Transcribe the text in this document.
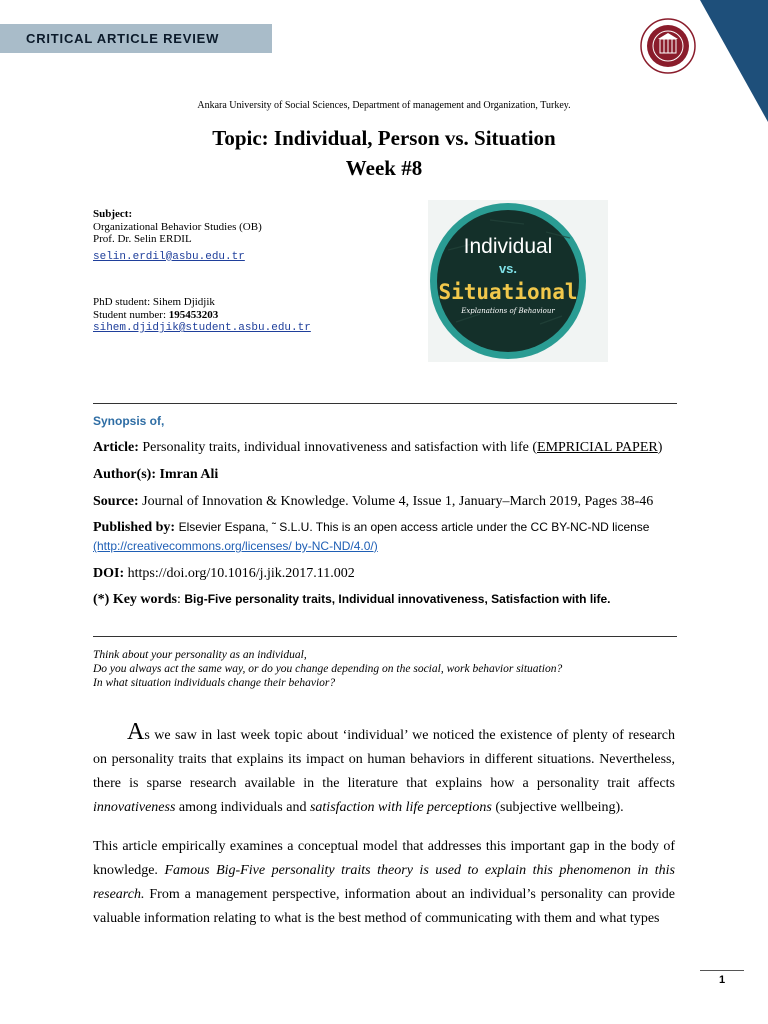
CRITICAL ARTICLE REVIEW
Ankara University of Social Sciences, Department of management and Organization, Turkey.
Topic: Individual, Person vs. Situation
Week #8
Subject:
Organizational Behavior Studies (OB)
Prof. Dr. Selin ERDIL
selin.erdil@asbu.edu.tr
PhD student: Sihem Djidjik
Student number: 195453203
sihem.djidjik@student.asbu.edu.tr
Individual
vs.
Situational
Explanations of Behaviour
Synopsis of,
Article: Personality traits, individual innovativeness and satisfaction with life (EMPRICIAL PAPER)
Author(s): Imran Ali
Source: Journal of Innovation & Knowledge. Volume 4, Issue 1, January–March 2019, Pages 38-46
Published by: Elsevier Espana, ˜ S.L.U. This is an open access article under the CC BY-NC-ND license
(http://creativecommons.org/licenses/ by-NC-ND/4.0/)
DOI: https://doi.org/10.1016/j.jik.2017.11.002
(*) Key words: Big-Five personality traits, Individual innovativeness, Satisfaction with life.
Think about your personality as an individual,
Do you always act the same way, or do you change depending on the social, work behavior situation?
In what situation individuals change their behavior?
As we saw in last week topic about ‘individual’ we noticed the existence of plenty of research on personality traits that explains its impact on human behaviors in different situations. Nevertheless, there is sparse research available in the literature that explains how a personality trait affects innovativeness among individuals and satisfaction with life perceptions (subjective wellbeing).
This article empirically examines a conceptual model that addresses this important gap in the body of knowledge. Famous Big-Five personality traits theory is used to explain this phenomenon in this research. From a management perspective, information about an individual’s personality can provide valuable information relating to what is the best method of communicating with them and what types
1
